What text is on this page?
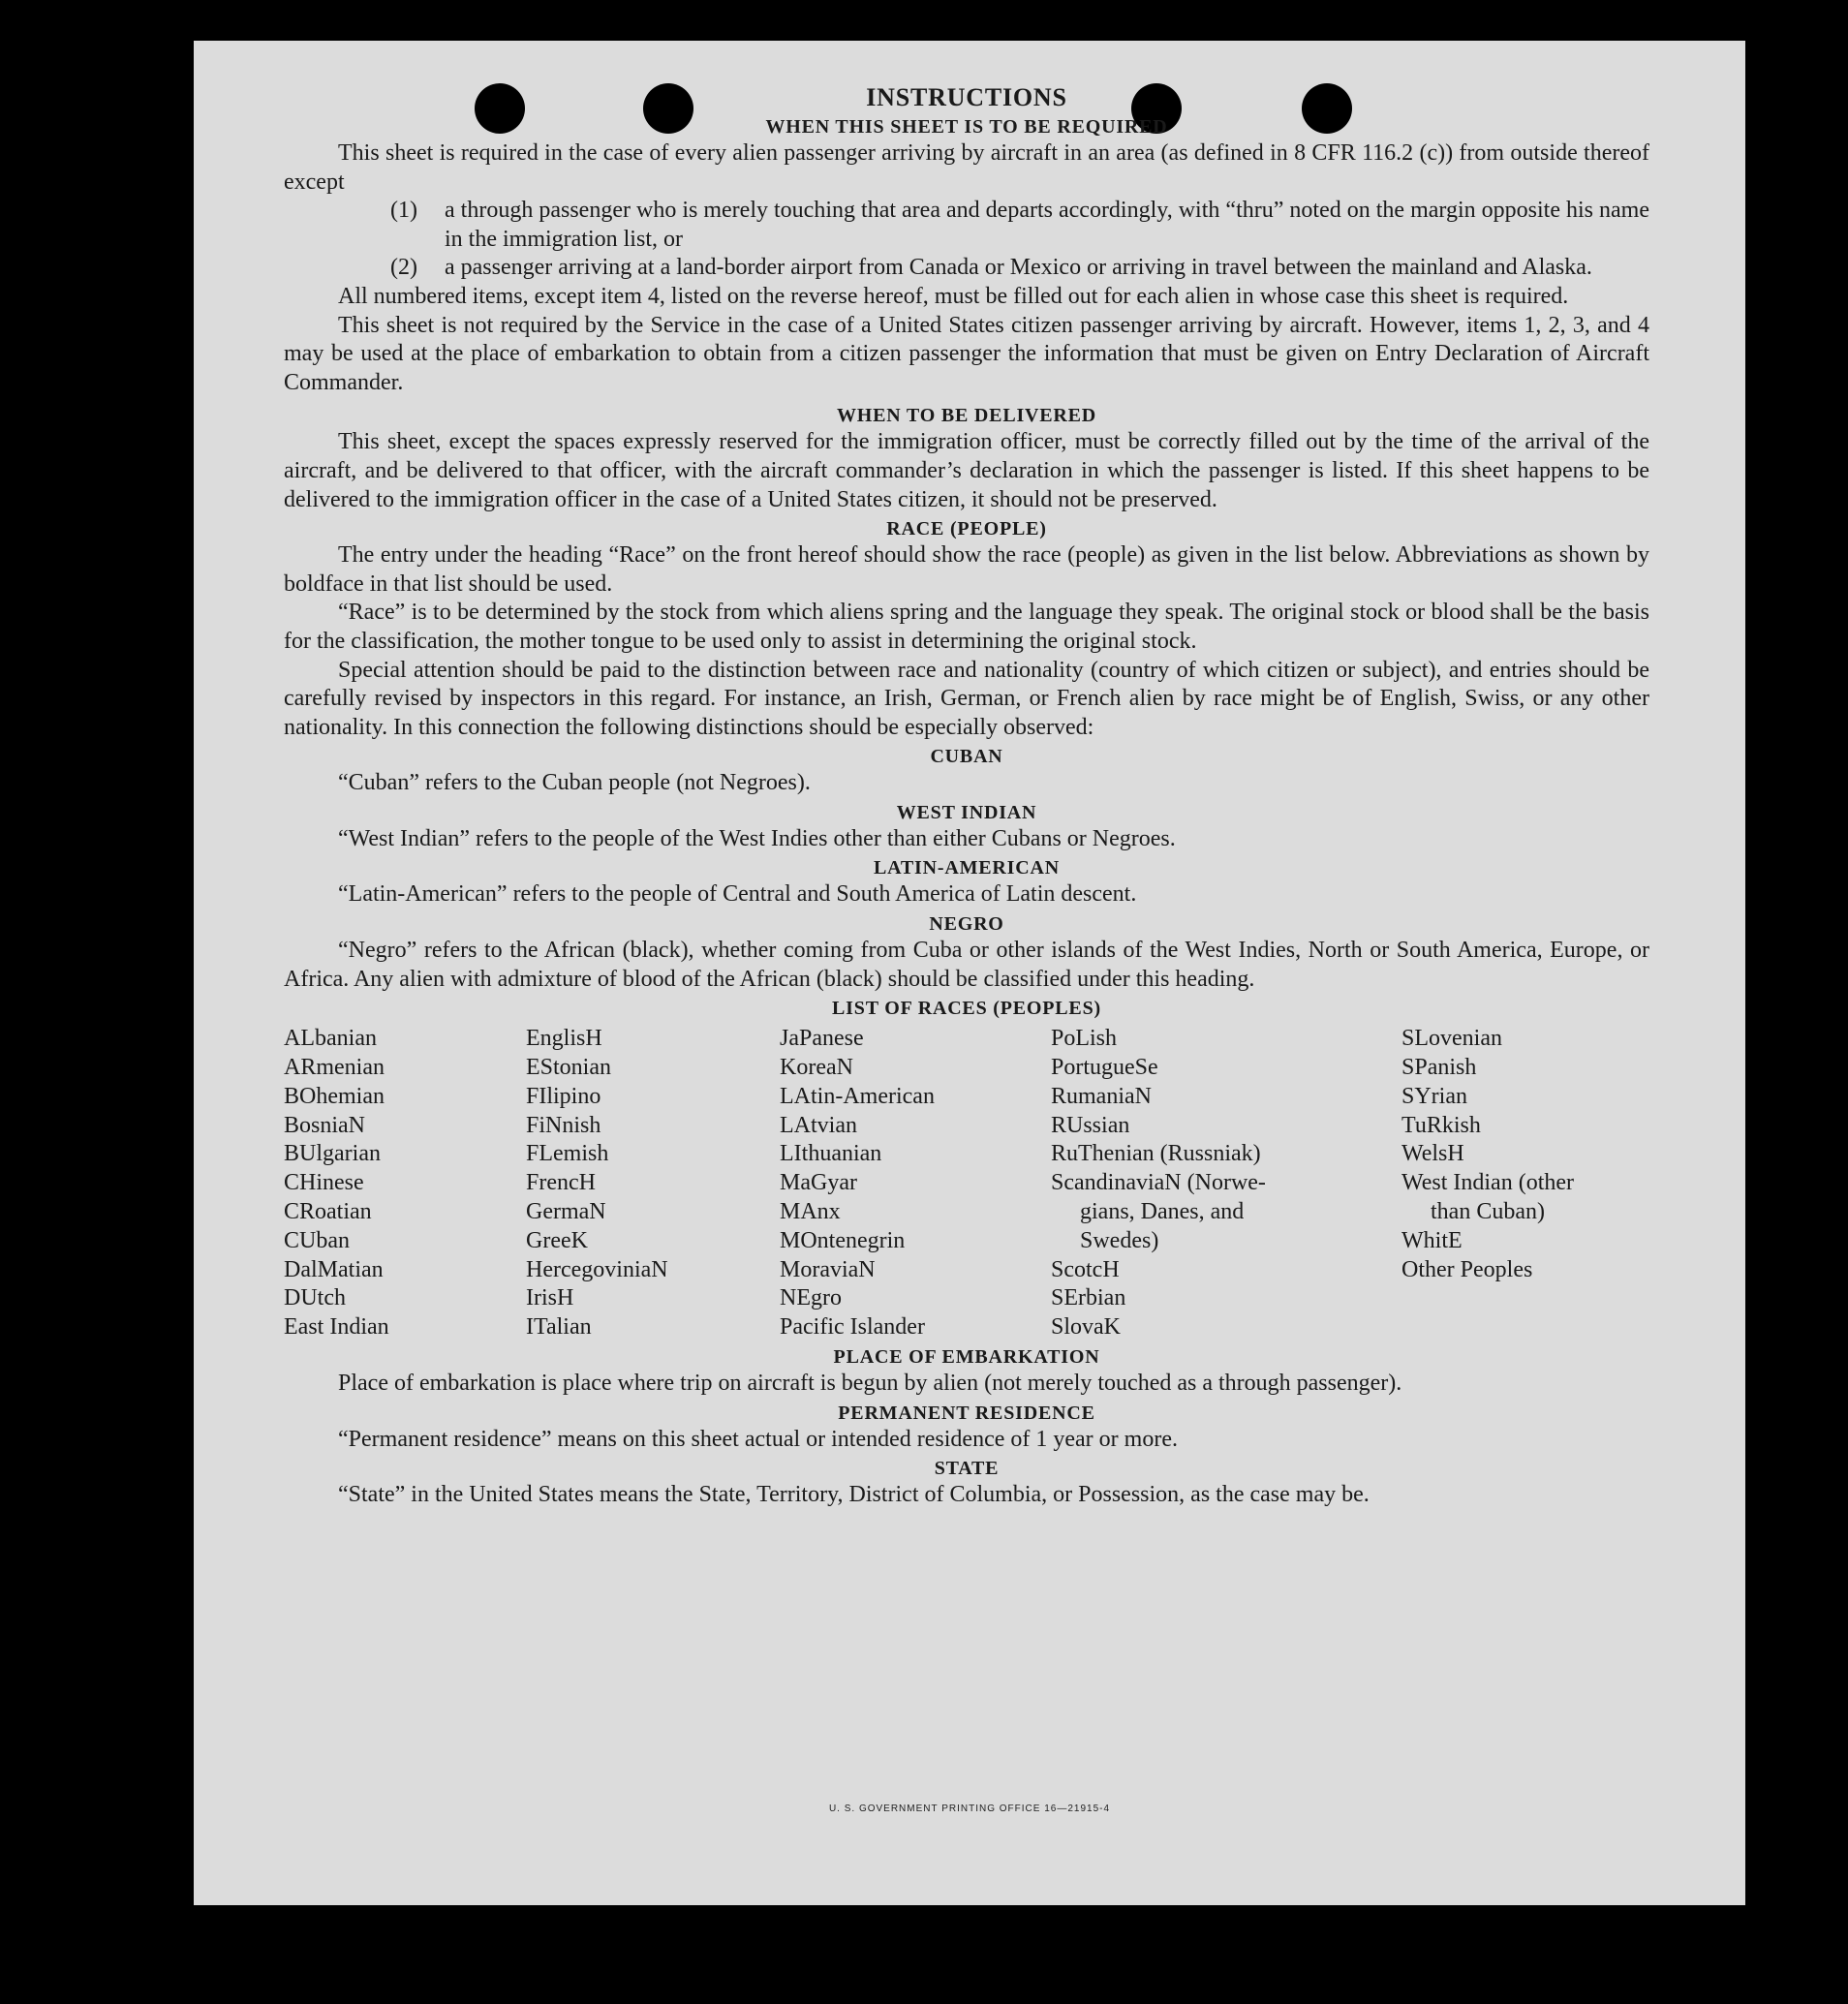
INSTRUCTIONS
WHEN THIS SHEET IS TO BE REQUIRED

This sheet is required in the case of every alien passenger arriving by aircraft in an area (as defined in 8 CFR 116.2 (c)) from outside thereof except

(1)	a through passenger who is merely touching that area and departs accordingly, with “thru” noted on the margin opposite his name in the immigration list, or
(2)	a passenger arriving at a land-border airport from Canada or Mexico or arriving in travel between the mainland and Alaska.

All numbered items, except item 4, listed on the reverse hereof, must be filled out for each alien in whose case this sheet is required.

This sheet is not required by the Service in the case of a United States citizen passenger arriving by aircraft. However, items 1, 2, 3, and 4 may be used at the place of embarkation to obtain from a citizen passenger the information that must be given on Entry Declaration of Aircraft Commander.

WHEN TO BE DELIVERED

This sheet, except the spaces expressly reserved for the immigration officer, must be correctly filled out by the time of the arrival of the aircraft, and be delivered to that officer, with the aircraft commander’s declaration in which the passenger is listed. If this sheet happens to be delivered to the immigration officer in the case of a United States citizen, it should not be preserved.

RACE (PEOPLE)

The entry under the heading “Race” on the front hereof should show the race (people) as given in the list below. Abbreviations as shown by boldface in that list should be used.

“Race” is to be determined by the stock from which aliens spring and the language they speak. The original stock or blood shall be the basis for the classification, the mother tongue to be used only to assist in determining the original stock.

Special attention should be paid to the distinction between race and nationality (country of which citizen or subject), and entries should be carefully revised by inspectors in this regard. For instance, an Irish, German, or French alien by race might be of English, Swiss, or any other nationality. In this connection the following distinctions should be especially observed:

CUBAN

“Cuban” refers to the Cuban people (not Negroes).

WEST INDIAN

“West Indian” refers to the people of the West Indies other than either Cubans or Negroes.

LATIN-AMERICAN

“Latin-American” refers to the people of Central and South America of Latin descent.

NEGRO

“Negro” refers to the African (black), whether coming from Cuba or other islands of the West Indies, North or South America, Europe, or Africa. Any alien with admixture of blood of the African (black) should be classified under this heading.

LIST OF RACES (PEOPLES)
ALbanian
ARmenian
BOhemian
BosniaN
BUlgarian
CHinese
CRoatian
CUban
DalMatian
DUtch
East Indian
EnglisH
EStonian
FIlipino
FiNnish
FLemish
FrencH
GermaN
GreeK
HercegoviniaN
IrisH
ITalian
JaPanese
KoreaN
LAtin-American
LAtvian
LIthuanian
MaGyar
MAnx
MOntenegrin
MoraviaN
NEgro
Pacific Islander
PoLish
PortugueSe
RumaniaN
RUssian
RuThenian (Russniak)
ScandinaviaN (Norwe-
gians, Danes, and
Swedes)
ScotcH
SErbian
SlovaK
SLovenian
SPanish
SYrian
TuRkish
WelsH
West Indian (other
than Cuban)
WhitE
Other Peoples
PLACE OF EMBARKATION

Place of embarkation is place where trip on aircraft is begun by alien (not merely touched as a through passenger).

PERMANENT RESIDENCE

“Permanent residence” means on this sheet actual or intended residence of 1 year or more.

STATE

“State” in the United States means the State, Territory, District of Columbia, or Possession, as the case may be.

U. S. GOVERNMENT PRINTING OFFICE 16—21915-4
